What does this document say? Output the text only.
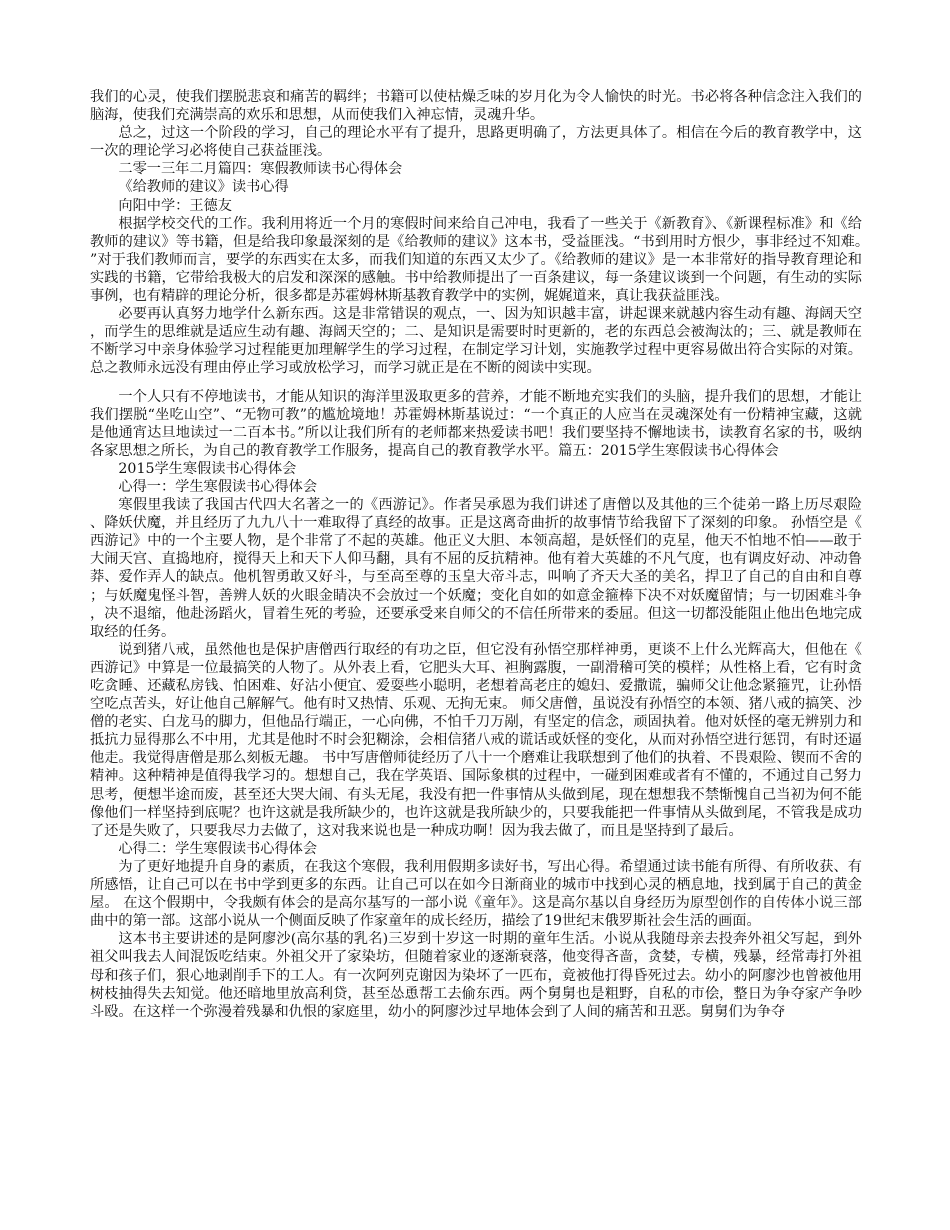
我们的心灵，使我们摆脱悲哀和痛苦的羁绊；书籍可以使枯燥乏味的岁月化为令人愉快的时光。书必将各种信念注入我们的脑海，使我们充满崇高的欢乐和思想，从而使我们入神忘情，灵魂升华。

总之，过这一个阶段的学习，自己的理论水平有了提升，思路更明确了，方法更具体了。相信在今后的教育教学中，这一次的理论学习必将使自己获益匪浅。

二零一三年二月篇四：寒假教师读书心得体会

《给教师的建议》读书心得

向阳中学：王德友

根据学校交代的工作。我利用将近一个月的寒假时间来给自己冲电，我看了一些关于《新教育》、《新课程标准》和《给教师的建议》等书籍，但是给我印象最深刻的是《给教师的建议》这本书，受益匪浅。“书到用时方恨少，事非经过不知难。”对于我们教师而言，要学的东西实在太多，而我们知道的东西又太少了。《给教师的建议》是一本非常好的指导教育理论和实践的书籍，它带给我极大的启发和深深的感触。书中给教师提出了一百条建议，每一条建议谈到一个问题，有生动的实际事例，也有精辟的理论分析，很多都是苏霍姆林斯基教育教学中的实例，娓娓道来，真让我获益匪浅。

必要再认真努力地学什么新东西。这是非常错误的观点，一、因为知识越丰富，讲起课来就越内容生动有趣、海阔天空，而学生的思维就是适应生动有趣、海阔天空的；二、是知识是需要时时更新的，老的东西总会被淘汰的；三、就是教师在不断学习中亲身体验学习过程能更加理解学生的学习过程，在制定学习计划，实施教学过程中更容易做出符合实际的对策。总之教师永远没有理由停止学习或放松学习，而学习就正是在不断的阅读中实现。

一个人只有不停地读书，才能从知识的海洋里汲取更多的营养，才能不断地充实我们的头脑，提升我们的思想，才能让我们摆脱“坐吃山空”、“无物可教”的尴尬境地！苏霍姆林斯基说过：“一个真正的人应当在灵魂深处有一份精神宝藏，这就是他通宵达旦地读过一二百本书。”所以让我们所有的老师都来热爱读书吧！我们要坚持不懈地读书，读教育名家的书，吸纳各家思想之所长，为自己的教育教学工作服务，提高自己的教育教学水平。篇五：2015学生寒假读书心得体会

2015学生寒假读书心得体会

心得一：学生寒假读书心得体会

寒假里我读了我国古代四大名著之一的《西游记》。作者吴承恩为我们讲述了唐僧以及其他的三个徒弟一路上历尽艰险、降妖伏魔，并且经历了九九八十一难取得了真经的故事。正是这离奇曲折的故事情节给我留下了深刻的印象。 孙悟空是《西游记》中的一个主要人物，是个非常了不起的英雄。他正义大胆、本领高超，是妖怪们的克星，他天不怕地不怕——敢于大闹天宫、直捣地府，搅得天上和天下人仰马翻，具有不屈的反抗精神。他有着大英雄的不凡气度，也有调皮好动、冲动鲁莽、爱作弄人的缺点。他机智勇敢又好斗，与至高至尊的玉皇大帝斗志，叫响了齐天大圣的美名，捍卫了自己的自由和自尊；与妖魔鬼怪斗智，善辨人妖的火眼金睛决不会放过一个妖魔；变化自如的如意金箍棒下决不对妖魔留情；与一切困难斗争，决不退缩，他赴汤蹈火，冒着生死的考验，还要承受来自师父的不信任所带来的委屈。但这一切都没能阻止他出色地完成取经的任务。

说到猪八戒，虽然他也是保护唐僧西行取经的有功之臣，但它没有孙悟空那样神勇，更谈不上什么光辉高大，但他在《西游记》中算是一位最搞笑的人物了。从外表上看，它肥头大耳、袒胸露腹，一副滑稽可笑的模样；从性格上看，它有时贪吃贪睡、还藏私房钱、怕困难、好沾小便宜、爱耍些小聪明，老想着高老庄的媳妇、爱撒谎，骗师父让他念紧箍咒，让孙悟空吃点苦头，好让他自己解解气。他有时又热情、乐观、无拘无束。 师父唐僧，虽说没有孙悟空的本领、猪八戒的搞笑、沙僧的老实、白龙马的脚力，但他品行端正，一心向佛，不怕千刀万剐，有坚定的信念，顽固执着。他对妖怪的毫无辨别力和抵抗力显得那么不中用，尤其是他时不时会犯糊涂，会相信猪八戒的谎话或妖怪的变化，从而对孙悟空进行惩罚，有时还逼他走。我觉得唐僧是那么刻板无趣。 书中写唐僧师徒经历了八十一个磨难让我联想到了他们的执着、不畏艰险、锲而不舍的精神。这种精神是值得我学习的。想想自己，我在学英语、国际象棋的过程中，一碰到困难或者有不懂的，不通过自己努力思考，便想半途而废，甚至还大哭大闹、有头无尾，我没有把一件事情从头做到尾，现在想想我不禁惭愧自己当初为何不能像他们一样坚持到底呢？也许这就是我所缺少的，也许这就是我所缺少的，只要我能把一件事情从头做到尾，不管我是成功了还是失败了，只要我尽力去做了，这对我来说也是一种成功啊！因为我去做了，而且是坚持到了最后。

心得二：学生寒假读书心得体会

为了更好地提升自身的素质，在我这个寒假，我利用假期多读好书，写出心得。希望通过读书能有所得、有所收获、有所感悟，让自己可以在书中学到更多的东西。让自己可以在如今日渐商业的城市中找到心灵的栖息地，找到属于自己的黄金屋。 在这个假期中，令我颇有体会的是高尔基写的一部小说《童年》。这是高尔基以自身经历为原型创作的自传体小说三部曲中的第一部。这部小说从一个侧面反映了作家童年的成长经历，描绘了19世纪末俄罗斯社会生活的画面。

这本书主要讲述的是阿廖沙(高尔基的乳名)三岁到十岁这一时期的童年生活。小说从我随母亲去投奔外祖父写起，到外祖父叫我去人间混饭吃结束。外祖父开了家染坊，但随着家业的逐渐衰落，他变得吝啬，贪婪，专横，残暴，经常毒打外祖母和孩子们，狠心地剥削手下的工人。有一次阿列克谢因为染坏了一匹布，竟被他打得昏死过去。幼小的阿廖沙也曾被他用树枝抽得失去知觉。他还暗地里放高利贷，甚至怂恿帮工去偷东西。两个舅舅也是粗野，自私的市侩，整日为争夺家产争吵斗殴。在这样一个弥漫着残暴和仇恨的家庭里，幼小的阿廖沙过早地体会到了人间的痛苦和丑恶。舅舅们为争夺
